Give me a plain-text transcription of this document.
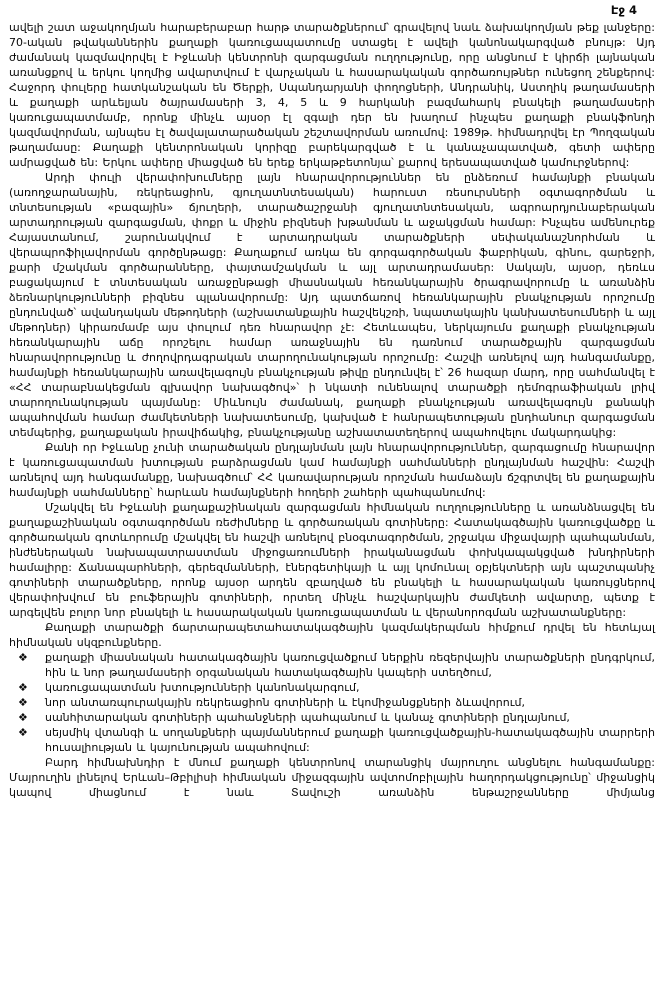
Էջ 4

ավելի շատ աջակողմյան հարաբերաբար հարթ տարածքներում՝ գրավելով նաև ձախակողմյան թեք լանջերը: 70-ական թվականներին քաղաքի կառուցապատումը ստացել է ավելի կանոնակարգված բնույթ: Այդ ժամանակ կազմավորվել է Իջևանի կենտրոնի զարգացման ուղղությունը, որը անցնում է կիրճի լայնական առանցքով և երկու կողմից ավարտվում է վարչական և հասարակական գործառույթներ ունեցող շենքերով: Հաջորդ փուլերը հատկանշական են Ծերքի, Սպանդարյանի փողոցների, Անդրանիկ, Աստղիկ թաղամասերի և քաղաքի արևելյան ծայրամասերի 3, 4, 5 և 9 հարկանի բազմահարկ բնակելի թաղամասերի կառուցապատմամբ, որոնք մինչև այսօր էլ զգալի դեր են խաղում ինչպես քաղաքի բնակֆոնդի կազմավորման, այնպես էլ ծավալատարածական շեշտավորման առումով: 1989թ. հիմնադրվել էր Պողզական թաղամասը: Քաղաքի կենտրոնական կորիզը բարեկարգված է և կանաչապատված, գետի ափերը ամրացված են: Երկու ափերը միացված են երեք երկաթբետոնյա՝ քարով երեսապատված կամուրջներով:

Արդի փուլի վերափոխումները լայն հնարավորություններ են ընձեռում համայնքի բնական (առողջարանային, ռեկրեացիոն, գյուղատնտեսական) հարուստ ռեսուրսների օգտագործման և տնտեսության «բազային» ճյուղերի, տարածաշրջանի գյուղատնտեսական, ագրոարդյունաբերական արտադրության զարգացման, փոքր և միջին բիզնեսի խթանման և աջակցման համար: Ինչպես ամենուրեք Հայաստանում, շարունակվում է արտադրական տարածքների սեփականաշնորհման և վերապրոֆիլավորման գործընթացը: Քաղաքում առկա են գորգագործական ֆաբրիկան, գինու, գարեջրի, քարի մշակման գործարանները, փայտամշակման և այլ արտադրամասեր: Սակայն, այսօր, դեռևս բացակայում է տնտեսական առաջընթացի միասնական հեռանկարային ծրագրավորումը և առանձին ձեռնարկությունների բիզնես պլանավորումը: Այդ պատճառով հեռանկարային բնակչության որոշումը ընդունված՝ ավանդական մեթոդների (աշխատանքային հաշվեկշռի, նպատակային կանխատեսումների և այլ մեթոդներ) կիրառմամբ այս փուլում դեռ հնարավոր չէ: Հետևապես, ներկայումս քաղաքի բնակչության հեռանկարային աճը որոշելու համար առաջնային են դառնում տարածքային զարգացման հնարավորությունը և ժողովրդագրական տարողունակության որոշումը: Հաշվի առնելով այդ հանգամանքը, համայնքի հեռանկարային առավելագույն բնակչության թիվը ընդունվել է՝ 26 հազար մարդ, որը սահմանվել է «ՀՀ տարաբնակեցման գլխավոր նախագծով»՝ ի նկատի ունենալով տարածքի դեմոգրաֆիական լրիվ տարողունակության պայմանը: Միևնույն ժամանակ, քաղաքի բնակչության առավելագույն քանակի ապահովման համար ժամկետների նախատեսումը, կախված է հանրապետության ընդհանուր զարգացման տեմպերից, քաղաքական իրավիճակից, բնակչությանը աշխատատեղերով ապահովելու մակարդակից:

Քանի որ Իջևանը չունի տարածական ընդլայնման լայն հնարավորություններ, զարգացումը հնարավոր է կառուցապատման խտության բարձրացման կամ համայնքի սահմանների ընդլայնման հաշվին: Հաշվի առնելով այդ հանգամանքը, նախագծում՝ ՀՀ կառավարության որոշման համաձայն ճշգրտվել են քաղաքային համայնքի սահմանները՝ հարևան համայնքների հողերի շահերի պահպանումով:

Մշակվել են Իջևանի քաղաքաշինական զարգացման հիմնական ուղղությունները և առանձնացվել են քաղաքաշինական օգտագործման ռեժիմները և գործառական գոտիները: Հատակագծային կառուցվածքը և գործառական գոտևորումը մշակվել են հաշվի առնելով բնօգտագործման, շրջակա միջավայրի պահպանման, ինժեներական նախապատրաստման միջոցառումների իրականացման փոխկապակցված խնդիրների համալիրը: Ճանապարհների, գերեզմանների, էներգետիկայի և այլ կոմունալ օբյեկտների այն պաշտպանիչ գոտիների տարածքները, որոնք այսօր արդեն զբաղված են բնակելի և հասարակական կառույցներով վերափոխվում են բուֆերային գոտիների, որտեղ մինչև հաշվարկային ժամկետի ավարտը, պետք է արգելվեն բոլոր նոր բնակելի և հասարակական կառուցապատման և վերանորոգման աշխատանքները:

Քաղաքի տարածքի ճարտարապետահատակագծային կազմակերպման հիմքում դրվել են հետևյալ հիմնական սկզբունքները.

❖ քաղաքի միասնական հատակագծային կառուցվածքում ներքին ռեզերվային տարածքների ընդգրկում, հին և նոր թաղամասերի օրգանական հատակագծային կապերի ստեղծում,
❖ կառուցապատման խտությունների կանոնակարգում,
❖ նոր անտառպուրակային ռեկրեացիոն գոտիների և էկոմիջանցքների ձևավորում,
❖ սանհիտարական գոտիների պահանջների պահպանում և կանաչ գոտիների ընդլայնում,
❖ սեյսմիկ վտանգի և սողանքների պայմաններում քաղաքի կառուցվածքային-հատակագծային տարրերի հուսալիության և կայունության ապահովում:

Բարդ հիմնախնդիր է մնում քաղաքի կենտրոնով տարանցիկ մայրուղու անցնելու հանգամանքը: Մայրուղին լինելով Երևան–Թբիլիսի հիմնական միջազգային ավտոմոբիլային հաղորդակցությունը՝ միջանցիկ կապով միացնում է նաև Տավուշի առանձին ենթաշրջանները միմյանց
